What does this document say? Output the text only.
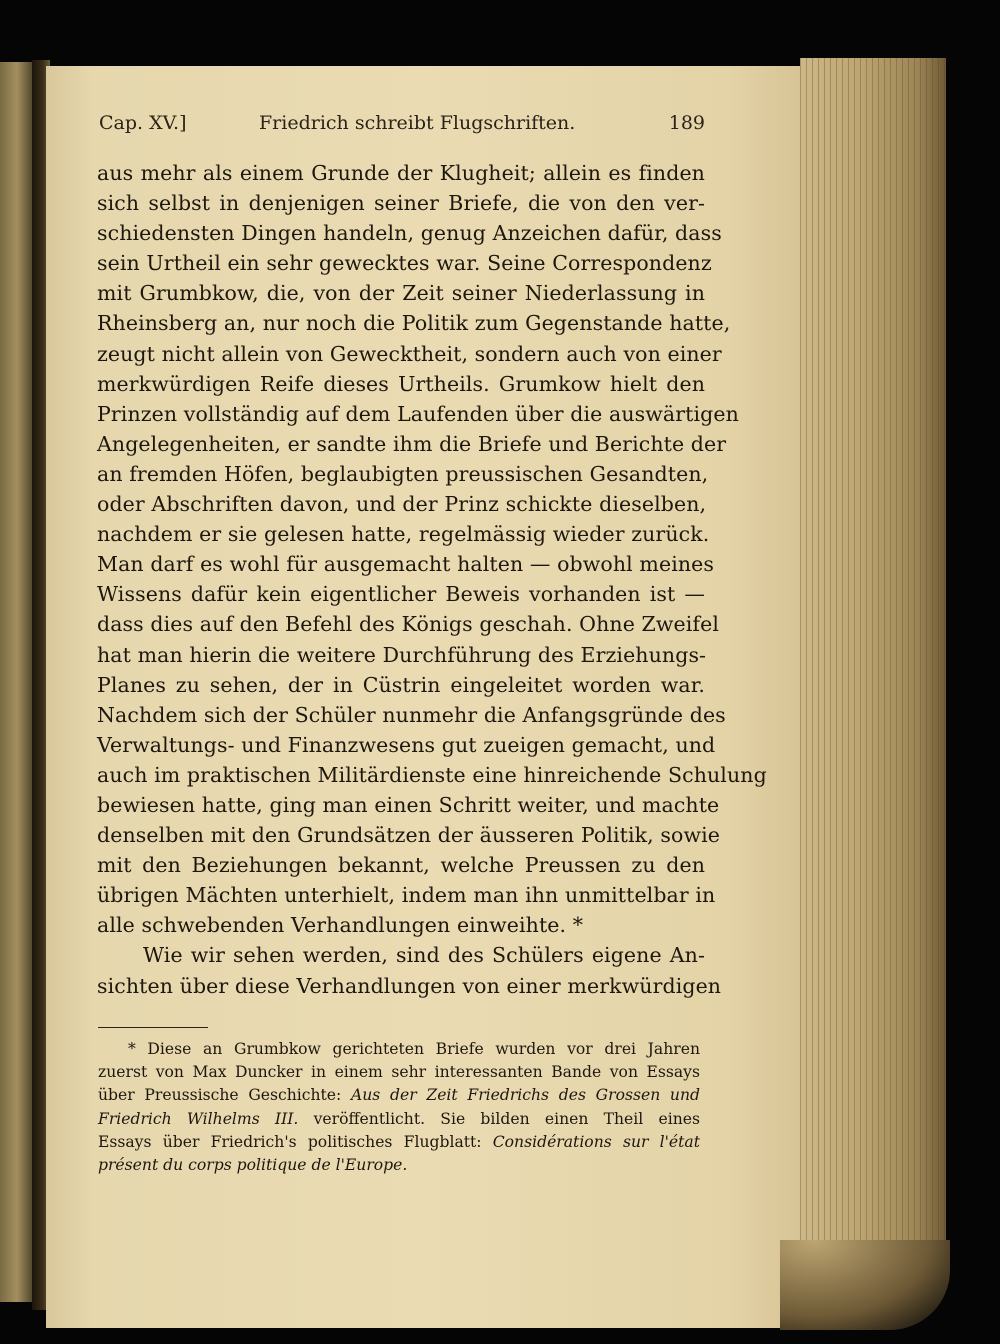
Cap. XV.]	Friedrich schreibt Flugschriften.	189
aus mehr als einem Grunde der Klugheit; allein es finden
sich selbst in denjenigen seiner Briefe, die von den ver-
schiedensten Dingen handeln, genug Anzeichen dafür, dass
sein Urtheil ein sehr gewecktes war. Seine Correspondenz
mit Grumbkow, die, von der Zeit seiner Niederlassung in
Rheinsberg an, nur noch die Politik zum Gegenstande hatte,
zeugt nicht allein von Gewecktheit, sondern auch von einer
merkwürdigen Reife dieses Urtheils. Grumkow hielt den
Prinzen vollständig auf dem Laufenden über die auswärtigen
Angelegenheiten, er sandte ihm die Briefe und Berichte der
an fremden Höfen, beglaubigten preussischen Gesandten,
oder Abschriften davon, und der Prinz schickte dieselben,
nachdem er sie gelesen hatte, regelmässig wieder zurück.
Man darf es wohl für ausgemacht halten — obwohl meines
Wissens dafür kein eigentlicher Beweis vorhanden ist —
dass dies auf den Befehl des Königs geschah. Ohne Zweifel
hat man hierin die weitere Durchführung des Erziehungs-
Planes zu sehen, der in Cüstrin eingeleitet worden war.
Nachdem sich der Schüler nunmehr die Anfangsgründe des
Verwaltungs- und Finanzwesens gut zueigen gemacht, und
auch im praktischen Militärdienste eine hinreichende Schulung
bewiesen hatte, ging man einen Schritt weiter, und machte
denselben mit den Grundsätzen der äusseren Politik, sowie
mit den Beziehungen bekannt, welche Preussen zu den
übrigen Mächten unterhielt, indem man ihn unmittelbar in
alle schwebenden Verhandlungen einweihte. *
Wie wir sehen werden, sind des Schülers eigene An-
sichten über diese Verhandlungen von einer merkwürdigen
* Diese an Grumbkow gerichteten Briefe wurden vor drei Jahren
zuerst von Max Duncker in einem sehr interessanten Bande von Essays
über Preussische Geschichte: Aus der Zeit Friedrichs des Grossen und
Friedrich Wilhelms III. veröffentlicht. Sie bilden einen Theil eines
Essays über Friedrich's politisches Flugblatt: Considérations sur l'état
présent du corps politique de l'Europe.
